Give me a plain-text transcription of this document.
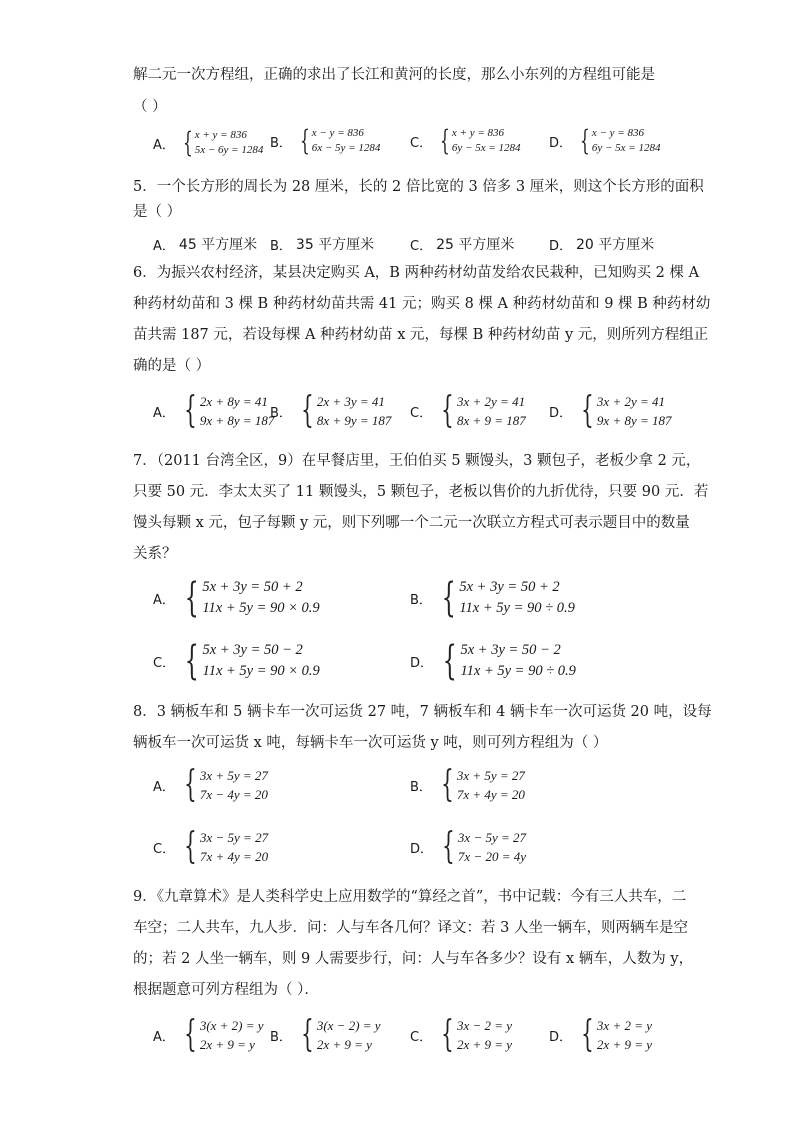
解二元一次方程组，正确的求出了长江和黄河的长度，那么小东列的方程组可能是
（ ）
A． { x + y = 836
5x − 6y = 1284 B． { x − y = 836
6x − 5y = 1284 C． { x + y = 836
6y − 5x = 1284 D． { x − y = 836
6y − 5x = 1284
5．一个长方形的周长为 28 厘米，长的 2 倍比宽的 3 倍多 3 厘米，则这个长方形的面积
是（ ）
A． 45 平方厘米 B． 35 平方厘米	C． 25 平方厘米	D． 20 平方厘米
6．为振兴农村经济，某县决定购买 A，B 两种药材幼苗发给农民栽种，已知购买 2 棵 A
种药材幼苗和 3 棵 B 种药材幼苗共需 41 元；购买 8 棵 A 种药材幼苗和 9 棵 B 种药材幼
苗共需 187 元，若设每棵 A 种药材幼苗 x 元，每棵 B 种药材幼苗 y 元，则所列方程组正
确的是（ ）
A． { 2x + 8y = 41
9x + 8y = 187
B． { 2x + 3y = 41
8x + 9y = 187 C． { 3x + 2y = 41
8x + 9 = 187 D． { 3x + 2y = 41
9x + 8y = 187
7．（2011 台湾全区，9）在早餐店里，王伯伯买 5 颗馒头，3 颗包子，老板少拿 2 元，
只要 50 元．李太太买了 11 颗馒头，5 颗包子，老板以售价的九折优待，只要 90 元．若
馒头每颗 x 元，包子每颗 y 元，则下列哪一个二元一次联立方程式可表示题目中的数量
关系？
A． { 5x + 3y = 50 + 2
11x + 5y = 90 × 0.9	B． { 5x + 3y = 50 + 2
11x + 5y = 90 ÷ 0.9
C． { 5x + 3y = 50 − 2
11x + 5y = 90 × 0.9	D． { 5x + 3y = 50 − 2
11x + 5y = 90 ÷ 0.9
8．3 辆板车和 5 辆卡车一次可运货 27 吨，7 辆板车和 4 辆卡车一次可运货 20 吨，设每
辆板车一次可运货 x 吨，每辆卡车一次可运货 y 吨，则可列方程组为（ ）
A． { 3x + 5y = 27
7x − 4y = 20	B． { 3x + 5y = 27
7x + 4y = 20
C． { 3x − 5y = 27
7x + 4y = 20	D． { 3x − 5y = 27
7x − 20 = 4y
9．《九章算术》是人类科学史上应用数学的“算经之首”，书中记载：今有三人共车，二
车空；二人共车，九人步．问：人与车各几何？译文：若 3 人坐一辆车，则两辆车是空
的；若 2 人坐一辆车，则 9 人需要步行，问：人与车各多少？设有 x 辆车，人数为 y，
根据题意可列方程组为（ ）．
A． { 3(x + 2) = y
2x + 9 = y	B． { 3(x − 2) = y
2x + 9 = y	C． { 3x − 2 = y
2x + 9 = y	D． { 3x + 2 = y
2x + 9 = y
